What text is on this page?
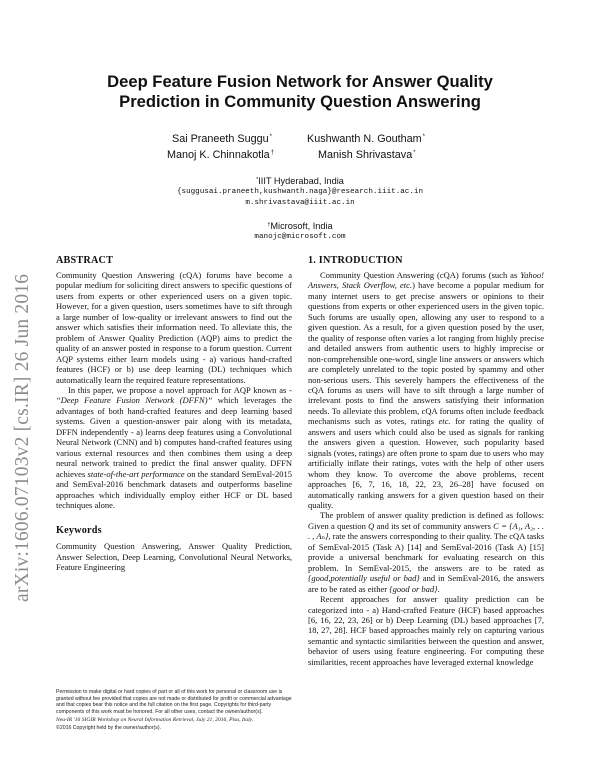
arXiv:1606.07103v2 [cs.IR] 26 Jun 2016
Deep Feature Fusion Network for Answer Quality
Prediction in Community Question Answering
Sai Praneeth Suggu*	Kushwanth N. Goutham*
Manoj K. Chinnakotla†	Manish Shrivastava*
*IIIT Hyderabad, India
{suggusai.praneeth,kushwanth.naga}@research.iiit.ac.in
m.shrivastava@iiit.ac.in
†Microsoft, India
manojc@microsoft.com
ABSTRACT

Community Question Answering (cQA) forums have become a popular medium for soliciting direct answers to specific questions of users from experts or other experienced users on a given topic. However, for a given question, users sometimes have to sift through a large number of low-quality or irrelevant answers to find out the answer which satisfies their information need. To alleviate this, the problem of Answer Quality Prediction (AQP) aims to predict the quality of an answer posted in response to a forum question. Current AQP systems either learn models using - a) various hand-crafted features (HCF) or b) use deep learning (DL) techniques which automatically learn the required feature representations.

In this paper, we propose a novel approach for AQP known as - “Deep Feature Fusion Network (DFFN)” which leverages the advantages of both hand-crafted features and deep learning based systems. Given a question-answer pair along with its metadata, DFFN independently - a) learns deep features using a Convolutional Neural Network (CNN) and b) computes hand-crafted features using various external resources and then combines them using a deep neural network trained to predict the final answer quality. DFFN achieves state-of-the-art performance on the standard SemEval-2015 and SemEval-2016 benchmark datasets and outperforms baseline approaches which individually employ either HCF or DL based techniques alone.

Keywords

Community Question Answering, Answer Quality Prediction, Answer Selection, Deep Learning, Convolutional Neural Networks, Feature Engineering

Permission to make digital or hard copies of part or all of this work for personal or classroom use is granted without fee provided that copies are not made or distributed for profit or commercial advantage and that copies bear this notice and the full citation on the first page. Copyrights for third-party components of this work must be honored. For all other uses, contact the owner/author(s).

Neu-IR '16 SIGIR Workshop on Neural Information Retrieval, July 21, 2016, Pisa, Italy.

©2016 Copyright held by the owner/author(s).

1. INTRODUCTION

Community Question Answering (cQA) forums (such as Yahoo! Answers, Stack Overflow, etc.) have become a popular medium for many internet users to get precise answers or opinions to their questions from experts or other experienced users in the given topic. Such forums are usually open, allowing any user to respond to a given question. As a result, for a given question posed by the user, the quality of response often varies a lot ranging from highly precise and detailed answers from authentic users to highly imprecise or non-comprehensible one-word, single line answers or answers which are completely unrelated to the topic posted by spammy and other non-serious users. This severely hampers the effectiveness of the cQA forums as users will have to sift through a large number of irrelevant posts to find the answers satisfying their information needs. To alleviate this problem, cQA forums often include feedback mechanisms such as votes, ratings etc. for rating the quality of answers and users which could also be used as signals for ranking the answers given a question. However, such popularity based signals (votes, ratings) are often prone to spam due to users who may artificially inflate their ratings, votes with the help of other users whom they know. To overcome the above problems, recent approaches [6, 7, 16, 18, 22, 23, 26–28] have focused on automatically ranking answers for a given question based on their quality.

The problem of answer quality prediction is defined as follows: Given a question Q and its set of community answers C = {A₁, A₂, . . . , Aₙ}, rate the answers corresponding to their quality. The cQA tasks of SemEval-2015 (Task A) [14] and SemEval-2016 (Task A) [15] provide a universal benchmark for evaluating research on this problem. In SemEval-2015, the answers are to be rated as {good,potentially useful or bad} and in SemEval-2016, the answers are to be rated as either {good or bad}.

Recent approaches for answer quality prediction can be categorized into - a) Hand-crafted Feature (HCF) based approaches [6, 16, 22, 23, 26] or b) Deep Learning (DL) based approaches [7, 18, 27, 28]. HCF based approaches mainly rely on capturing various semantic and syntactic similarities between the question and answer, behavior of users using feature engineering. For computing these similarities, recent approaches have leveraged external knowledge
